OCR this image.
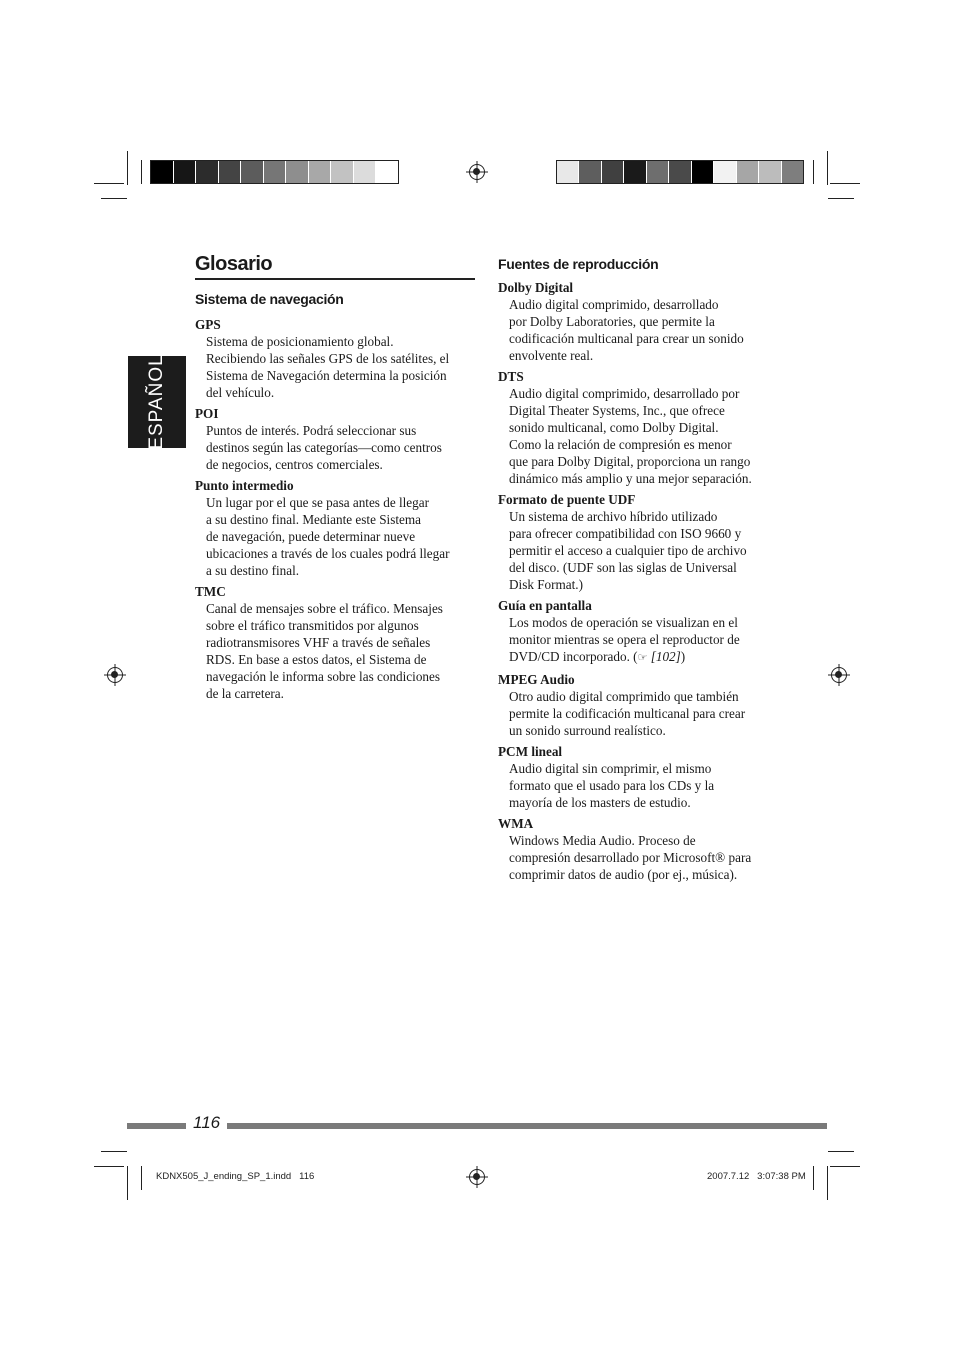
ESPAÑOL
Glosario
Sistema de navegación
GPS
Sistema de posicionamiento global.
Recibiendo las señales GPS de los satélites, el
Sistema de Navegación determina la posición
del vehículo.
POI
Puntos de interés. Podrá seleccionar sus
destinos según las categorías—como centros
de negocios, centros comerciales.
Punto intermedio
Un lugar por el que se pasa antes de llegar
a su destino final. Mediante este Sistema
de navegación, puede determinar nueve
ubicaciones a través de los cuales podrá llegar
a su destino final.
TMC
Canal de mensajes sobre el tráfico. Mensajes
sobre el tráfico transmitidos por algunos
radiotransmisores VHF a través de señales
RDS. En base a estos datos, el Sistema de
navegación le informa sobre las condiciones
de la carretera.
Fuentes de reproducción
Dolby Digital
Audio digital comprimido, desarrollado
por Dolby Laboratories, que permite la
codificación multicanal para crear un sonido
envolvente real.
DTS
Audio digital comprimido, desarrollado por
Digital Theater Systems, Inc., que ofrece
sonido multicanal, como Dolby Digital.
Como la relación de compresión es menor
que para Dolby Digital, proporciona un rango
dinámico más amplio y una mejor separación.
Formato de puente UDF
Un sistema de archivo híbrido utilizado
para ofrecer compatibilidad con ISO 9660 y
permitir el acceso a cualquier tipo de archivo
del disco. (UDF son las siglas de Universal
Disk Format.)
Guía en pantalla
Los modos de operación se visualizan en el
monitor mientras se opera el reproductor de
DVD/CD incorporado. (☞ [102])
MPEG Audio
Otro audio digital comprimido que también
permite la codificación multicanal para crear
un sonido surround realístico.
PCM lineal
Audio digital sin comprimir, el mismo
formato que el usado para los CDs y la
mayoría de los masters de estudio.
WMA
Windows Media Audio. Proceso de
compresión desarrollado por Microsoft® para
comprimir datos de audio (por ej., música).
116
KDNX505_J_ending_SP_1.indd   116	2007.7.12   3:07:38 PM
